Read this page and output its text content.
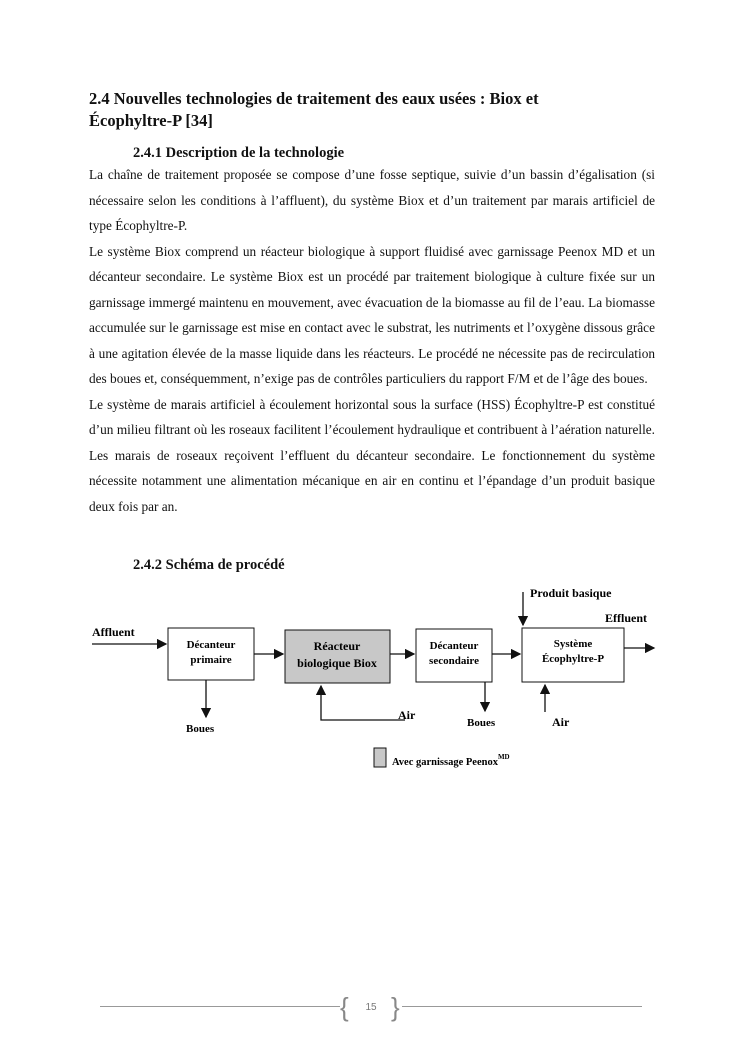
2.4 Nouvelles technologies de traitement des eaux usées : Biox et Écophyltre-P [34]
2.4.1 Description de la technologie

La chaîne de traitement proposée se compose d’une fosse septique, suivie d’un bassin d’égalisation (si nécessaire selon les conditions à l’affluent), du système Biox et d’un traitement par marais artificiel de type Écophyltre-P.

Le système Biox comprend un réacteur biologique à support fluidisé avec garnissage Peenox MD et un décanteur secondaire. Le système Biox est un procédé par traitement biologique à culture fixée sur un garnissage immergé maintenu en mouvement, avec évacuation de la biomasse au fil de l’eau. La biomasse accumulée sur le garnissage est mise en contact avec le substrat, les nutriments et l’oxygène dissous grâce à une agitation élevée de la masse liquide dans les réacteurs. Le procédé ne nécessite pas de recirculation des boues et, conséquemment, n’exige pas de contrôles particuliers du rapport F/M et de l’âge des boues.

Le système de marais artificiel à écoulement horizontal sous la surface (HSS) Écophyltre-P est constitué d’un milieu filtrant où les roseaux facilitent l’écoulement hydraulique et contribuent à l’aération naturelle. Les marais de roseaux reçoivent l’effluent du décanteur secondaire. Le fonctionnement du système nécessite notamment une alimentation mécanique en air en continu et l’épandage d’un produit basique deux fois par an.

2.4.2 Schéma de procédé
Affluent
Décanteur
primaire
Boues
Réacteur
biologique Biox
Air
Décanteur
secondaire
Boues
Produit basique
Système
Écophyltre-P
Air
Effluent
Avec garnissage Peenox$^{MD}$
{ }
15
